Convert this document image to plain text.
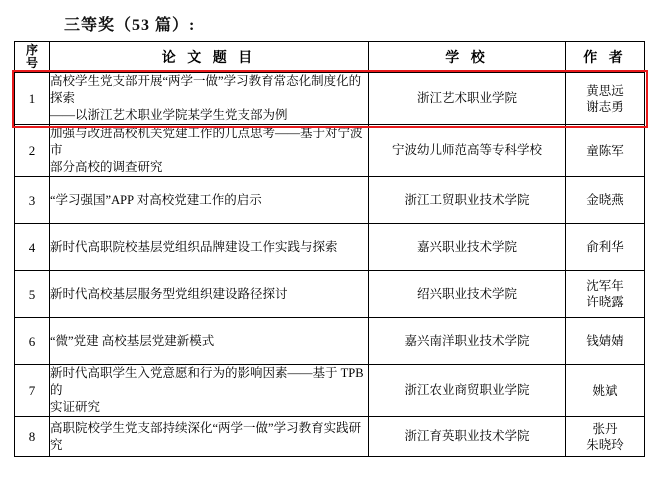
三等奖（53 篇）:
序
号	论 文 题 目	学 校	作 者
1	高校学生党支部开展“两学一做”学习教育常态化制度化的探索
——以浙江艺术职业学院某学生党支部为例	浙江艺术职业学院	黄思远
谢志勇

2	加强与改进高校机关党建工作的几点思考——基于对宁波市
部分高校的调查研究	宁波幼儿师范高等专科学校	童陈军

3	“学习强国”APP 对高校党建工作的启示	浙江工贸职业技术学院	金晓燕

4	新时代高职院校基层党组织品牌建设工作实践与探索	嘉兴职业技术学院	俞利华

5	新时代高校基层服务型党组织建设路径探讨	绍兴职业技术学院	沈军年
许晓露

6	“微”党建 高校基层党建新模式	嘉兴南洋职业技术学院	钱婧婧

7	新时代高职学生入党意愿和行为的影响因素——基于 TPB 的
实证研究	浙江农业商贸职业学院	姚斌

8	高职院校学生党支部持续深化“两学一做”学习教育实践研究	浙江育英职业技术学院	张丹
朱晓玲
